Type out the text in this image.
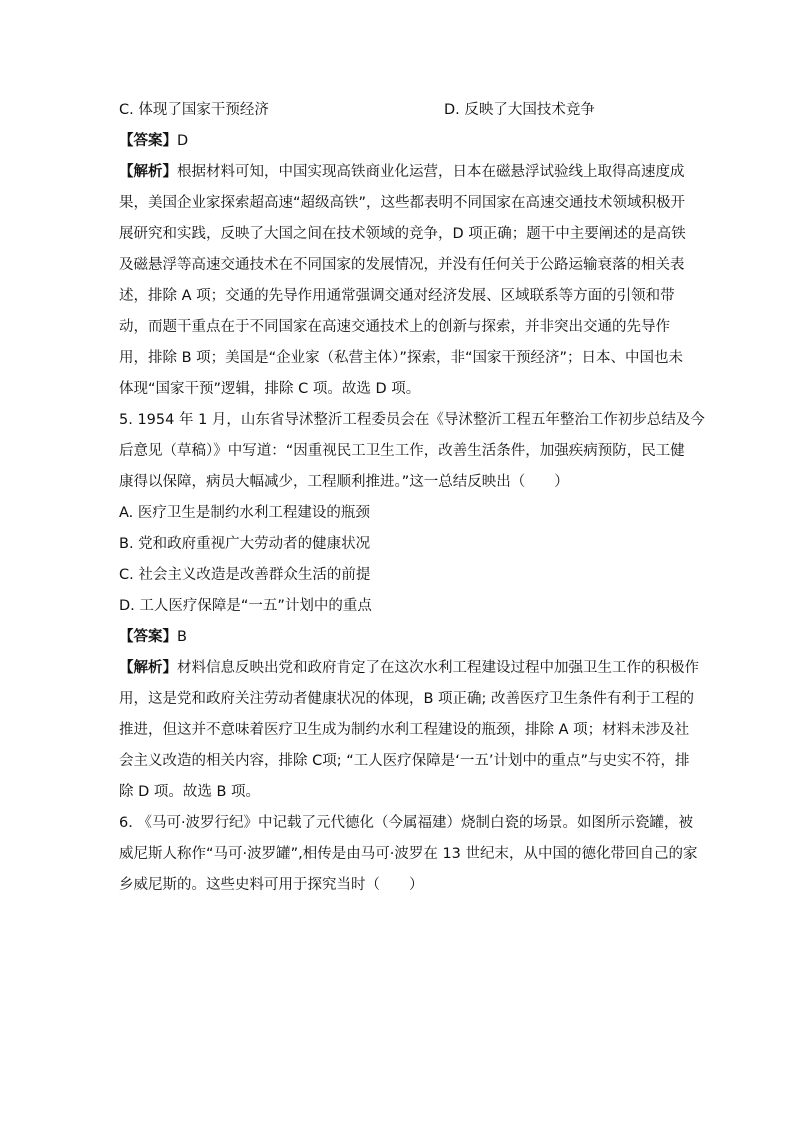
C. 体现了国家干预经济	D. 反映了大国技术竞争
【答案】D
【解析】根据材料可知，中国实现高铁商业化运营，日本在磁悬浮试验线上取得高速度成
果，美国企业家探索超高速“超级高铁”，这些都表明不同国家在高速交通技术领域积极开
展研究和实践，反映了大国之间在技术领域的竞争，D 项正确；题干中主要阐述的是高铁
及磁悬浮等高速交通技术在不同国家的发展情况，并没有任何关于公路运输衰落的相关表
述，排除 A 项；交通的先导作用通常强调交通对经济发展、区域联系等方面的引领和带
动，而题干重点在于不同国家在高速交通技术上的创新与探索，并非突出交通的先导作
用，排除 B 项；美国是“企业家（私营主体）”探索，非“国家干预经济”；日本、中国也未
体现“国家干预”逻辑，排除 C 项。故选 D 项。
5. 1954 年 1 月，山东省导沭整沂工程委员会在《导沭整沂工程五年整治工作初步总结及今
后意见（草稿）》中写道：“因重视民工卫生工作，改善生活条件，加强疾病预防，民工健
康得以保障，病员大幅减少，工程顺利推进。”这一总结反映出（　　）
A. 医疗卫生是制约水利工程建设的瓶颈
B. 党和政府重视广大劳动者的健康状况
C. 社会主义改造是改善群众生活的前提
D. 工人医疗保障是“一五”计划中的重点
【答案】B
【解析】材料信息反映出党和政府肯定了在这次水利工程建设过程中加强卫生工作的积极作
用，这是党和政府关注劳动者健康状况的体现，B 项正确; 改善医疗卫生条件有利于工程的
推进，但这并不意味着医疗卫生成为制约水利工程建设的瓶颈，排除 A 项；材料未涉及社
会主义改造的相关内容，排除 C项; “工人医疗保障是‘一五’计划中的重点”与史实不符，排
除 D 项。故选 B 项。
6. 《马可·波罗行纪》中记载了元代德化（今属福建）烧制白瓷的场景。如图所示瓷罐，被
威尼斯人称作“马可·波罗罐”,相传是由马可·波罗在 13 世纪末，从中国的德化带回自己的家
乡威尼斯的。这些史料可用于探究当时（　　）
